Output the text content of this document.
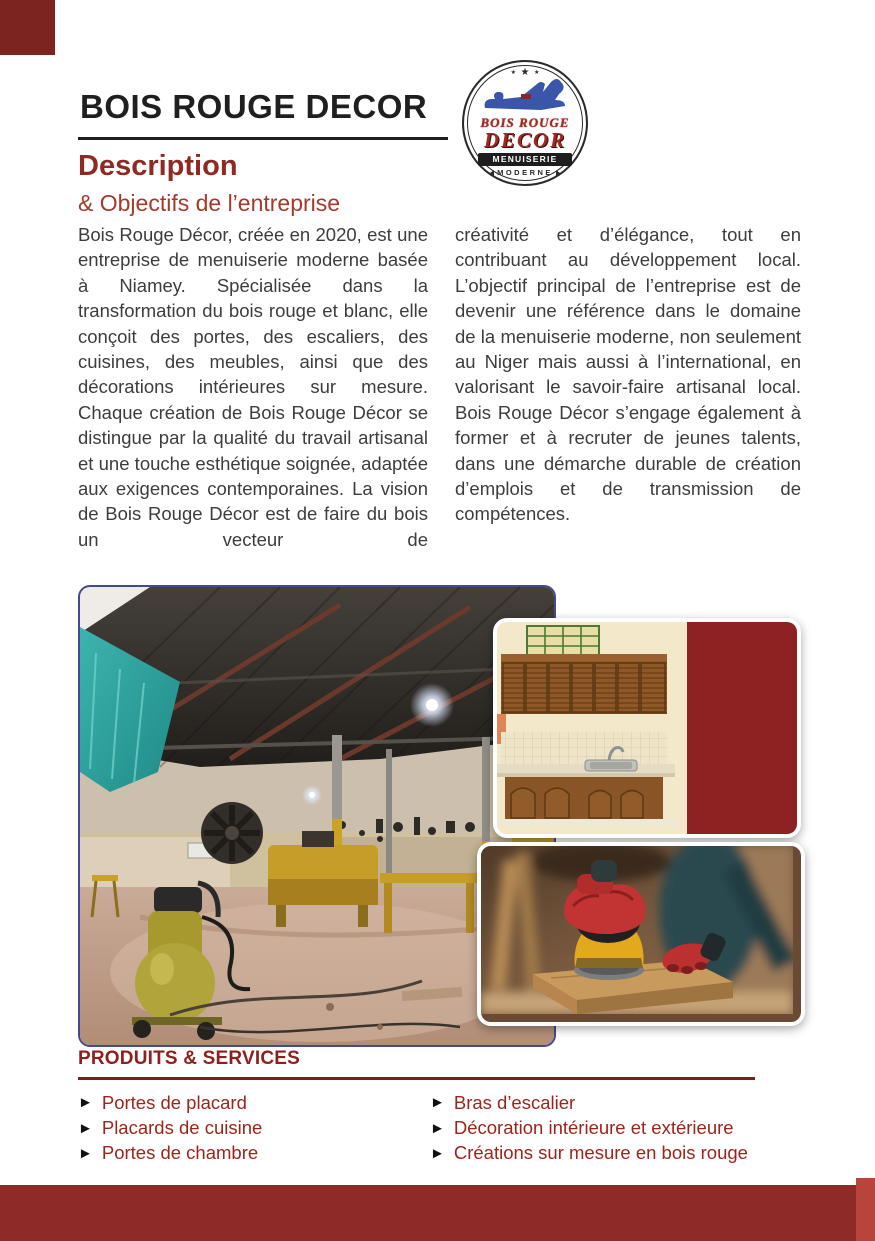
BOIS ROUGE DECOR
★ ★ ★
BOIS ROUGE
DECOR
MENUISERIE
MODERNE
Description
& Objectifs de l’entreprise
Bois Rouge Décor, créée en 2020, est une entreprise de menuiserie moderne basée à Niamey. Spécialisée dans la transformation du bois rouge et blanc, elle conçoit des portes, des escaliers, des cuisines, des meubles, ainsi que des décorations intérieures sur mesure. Chaque création de Bois Rouge Décor se distingue par la qualité du travail artisanal et une touche esthétique soignée, adaptée aux exigences contemporaines. La vision de Bois Rouge Décor est de faire du bois un vecteur de
créativité et d’élégance, tout en contribuant au développement local. L’objectif principal de l’entreprise est de devenir une référence dans le domaine de la menuiserie moderne, non seulement au Niger mais aussi à l’international, en valorisant le savoir-faire artisanal local. Bois Rouge Décor s’engage également à former et à recruter de jeunes talents, dans une démarche durable de création d’emplois et de transmission de compétences.
PRODUITS & SERVICES
► Portes de placard
► Placards de cuisine
► Portes de chambre
► Bras d’escalier
► Décoration intérieure et extérieure
► Créations sur mesure en bois rouge
